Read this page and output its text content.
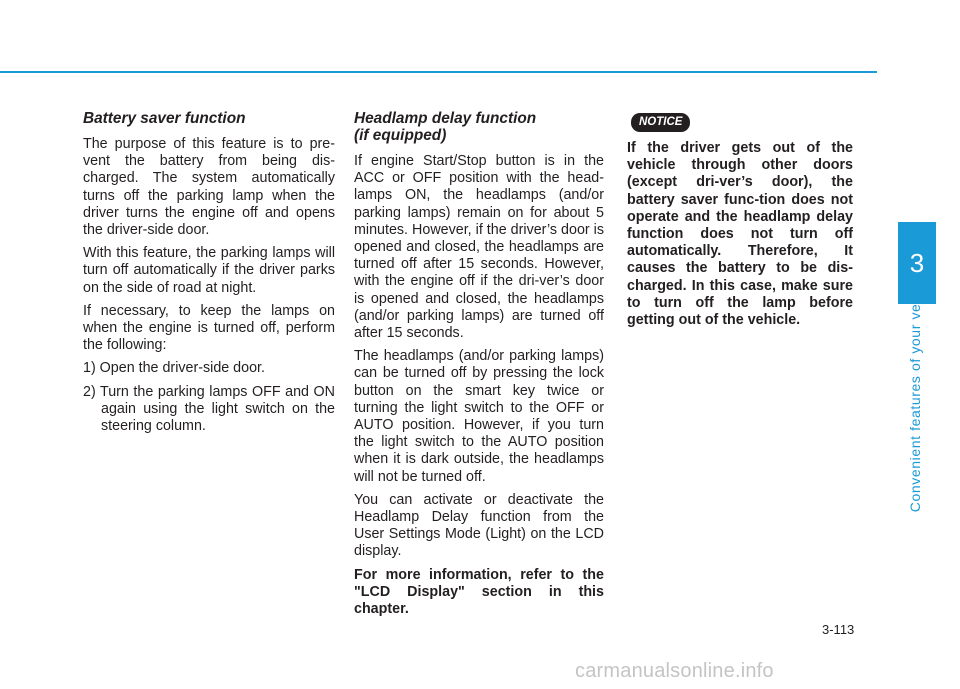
3
Convenient features of your vehicle
Battery saver function

The purpose of this feature is to pre-vent the battery from being dis-charged. The system automatically turns off the parking lamp when the driver turns the engine off and opens the driver-side door.

With this feature, the parking lamps will turn off automatically if the driver parks on the side of road at night.

If necessary, to keep the lamps on when the engine is turned off, perform the following:

1) Open the driver-side door.
2) Turn the parking lamps OFF and ON again using the light switch on the steering column.
Headlamp delay function
(if equipped)

If engine Start/Stop button is in the ACC or OFF position with the head-lamps ON, the headlamps (and/or parking lamps) remain on for about 5 minutes. However, if the driver’s door is opened and closed, the headlamps are turned off after 15 seconds. However, with the engine off if the dri-ver’s door is opened and closed, the headlamps (and/or parking lamps) are turned off after 15 seconds.

The headlamps (and/or parking lamps) can be turned off by pressing the lock button on the smart key twice or turning the light switch to the OFF or AUTO position. However, if you turn the light switch to the AUTO position when it is dark outside, the headlamps will not be turned off.

You can activate or deactivate the Headlamp Delay function from the User Settings Mode (Light) on the LCD display.

For more information, refer to the "LCD Display" section in this chapter.

NOTICE
If the driver gets out of the vehicle through other doors (except dri-ver’s door), the battery saver func-tion does not operate and the headlamp delay function does not turn off automatically. Therefore, It causes the battery to be dis-charged. In this case, make sure to turn off the lamp before getting out of the vehicle.
3-113
carmanualsonline.info
